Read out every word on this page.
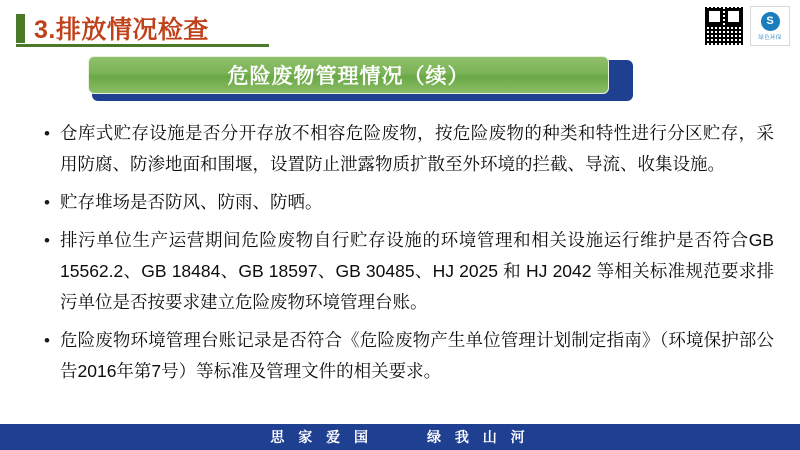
3.排放情况检查	S
绿色环保
危险废物管理情况（续）
• 仓库式贮存设施是否分开存放不相容危险废物，按危险废物的种类和特性进行分区贮存，采用防腐、防渗地面和围堰，设置防止泄露物质扩散至外环境的拦截、导流、收集设施。
• 贮存堆场是否防风、防雨、防晒。
• 排污单位生产运营期间危险废物自行贮存设施的环境管理和相关设施运行维护是否符合GB 15562.2、GB 18484、GB 18597、GB 30485、HJ 2025 和 HJ 2042 等相关标准规范要求排污单位是否按要求建立危险废物环境管理台账。
• 危险废物环境管理台账记录是否符合《危险废物产生单位管理计划制定指南》（环境保护部公告2016年第7号）等标准及管理文件的相关要求。
思 家 爱 国	绿 我 山 河
